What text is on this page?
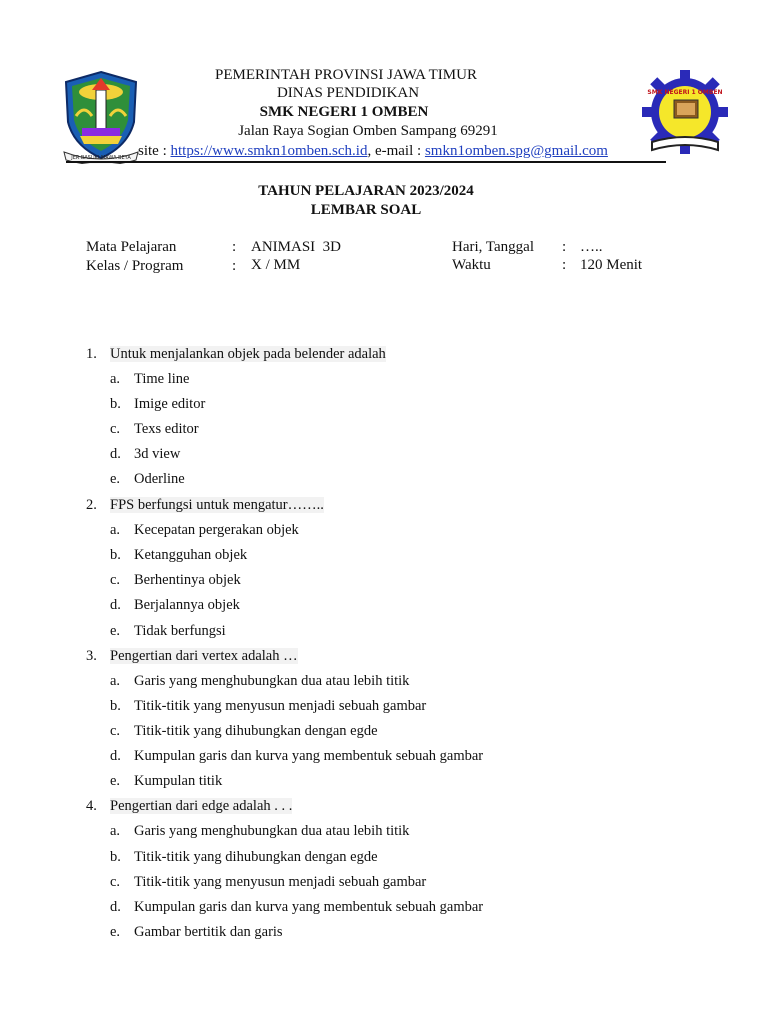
JER BASUKI MAWA BEYA
SMK NEGERI 1 OMBEN
PEMERINTAH PROVINSI JAWA TIMUR
DINAS PENDIDIKAN
SMK NEGERI 1 OMBEN
Jalan Raya Sogian Omben Sampang 69291
site : https://www.smkn1omben.sch.id, e-mail : smkn1omben.spg@gmail.com
TAHUN PELAJARAN 2023/2024
LEMBAR SOAL
Mata Pelajaran	: ANIMASI  3D	Hari, Tanggal : …..
Kelas / Program	: X / MM	Waktu	: 120 Menit
1. Untuk menjalankan objek pada belender adalah
a. Time line
b. Imige editor
c. Texs editor
d. 3d view
e. Oderline
2. FPS berfungsi untuk mengatur……..
a. Kecepatan pergerakan objek
b. Ketangguhan objek
c. Berhentinya objek
d. Berjalannya objek
e. Tidak berfungsi
3. Pengertian dari vertex adalah …
a. Garis yang menghubungkan dua atau lebih titik
b. Titik-titik yang menyusun menjadi sebuah gambar
c. Titik-titik yang dihubungkan dengan egde
d. Kumpulan garis dan kurva yang membentuk sebuah gambar
e. Kumpulan titik
4. Pengertian dari edge adalah . . .
a. Garis yang menghubungkan dua atau lebih titik
b. Titik-titik yang dihubungkan dengan egde
c. Titik-titik yang menyusun menjadi sebuah gambar
d. Kumpulan garis dan kurva yang membentuk sebuah gambar
e. Gambar bertitik dan garis
